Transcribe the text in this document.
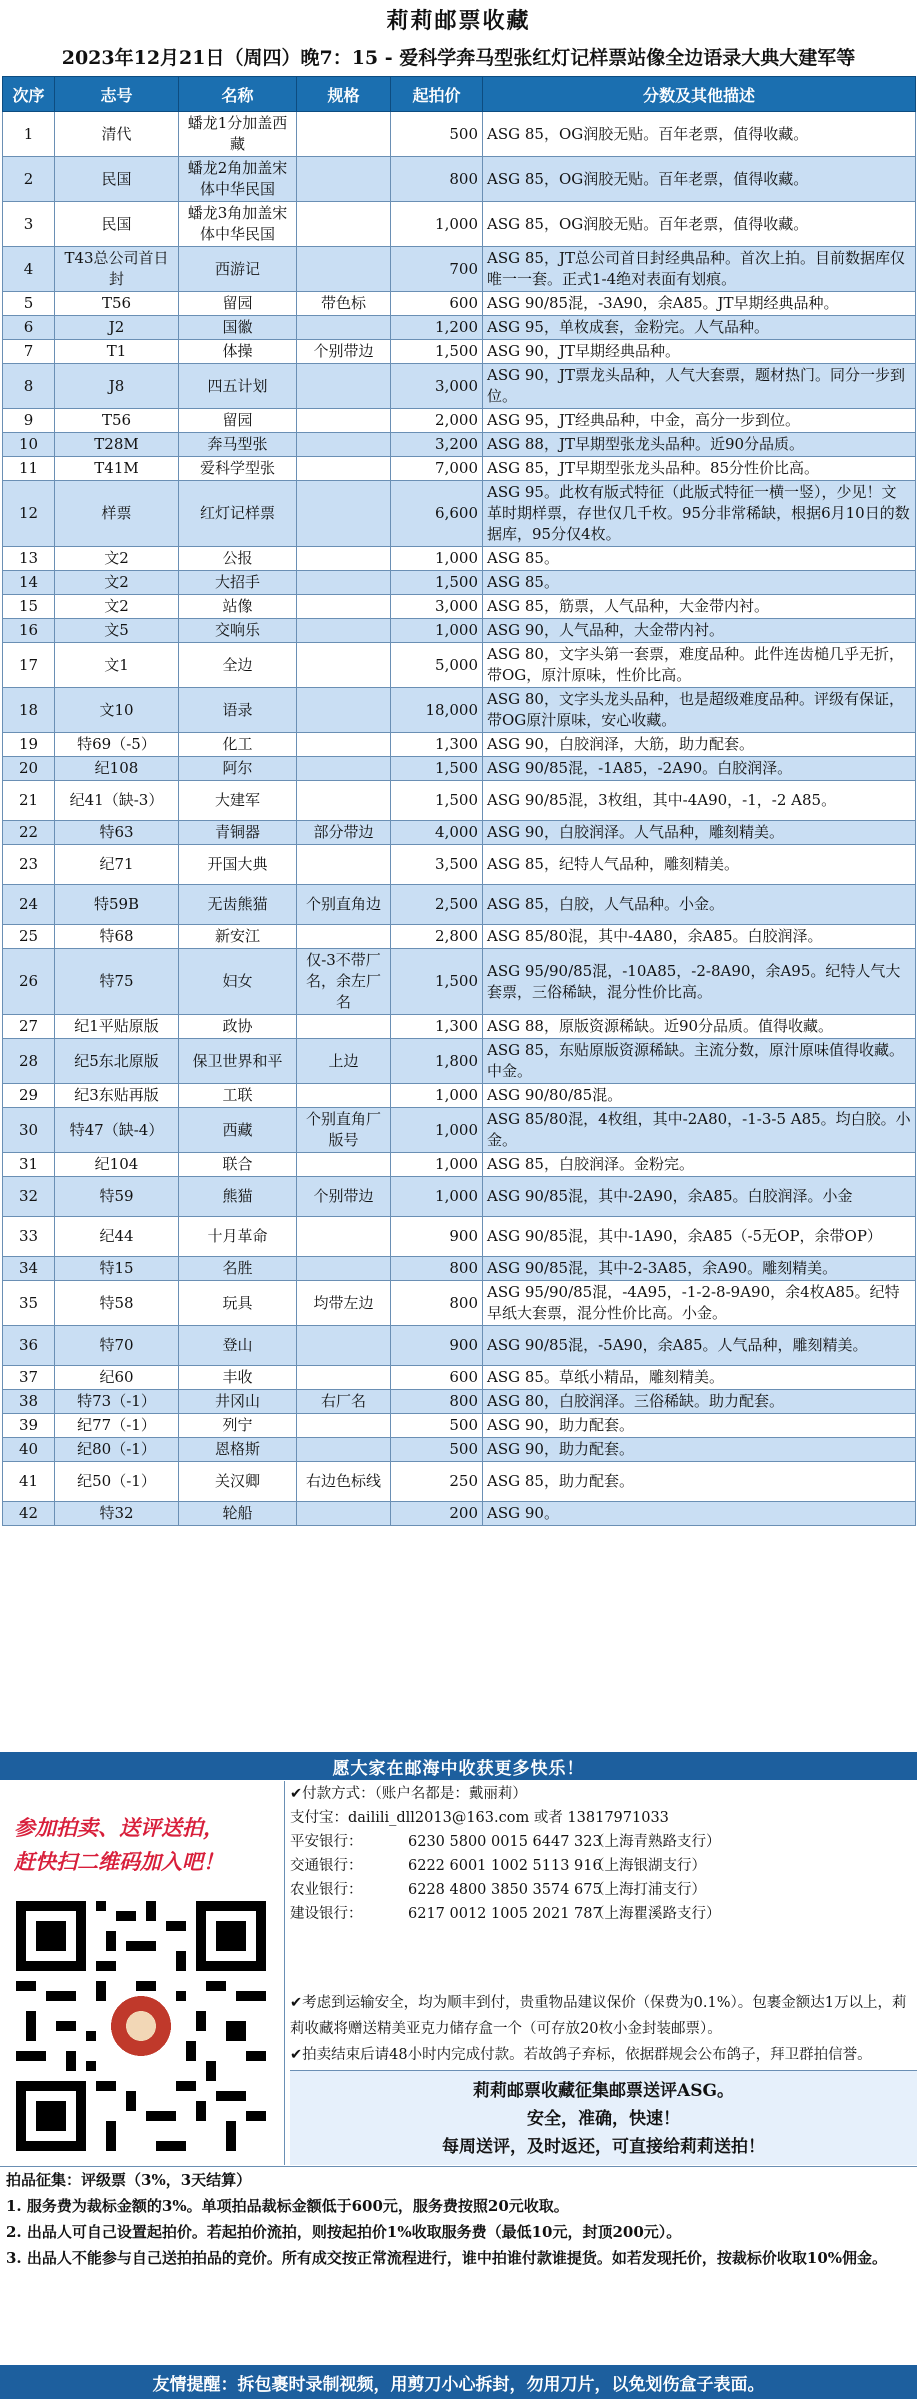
莉莉邮票收藏
2023年12月21日（周四）晚7：15 - 爱科学奔马型张红灯记样票站像全边语录大典大建军等
次序	志号	名称	规格	起拍价	分数及其他描述
1	清代	蟠龙1分加盖西藏		500	ASG 85，OG润胶无贴。百年老票，值得收藏。
2	民国	蟠龙2角加盖宋体中华民国		800	ASG 85，OG润胶无贴。百年老票，值得收藏。
3	民国	蟠龙3角加盖宋体中华民国		1,000	ASG 85，OG润胶无贴。百年老票，值得收藏。
4	T43总公司首日封	西游记		700	ASG 85，JT总公司首日封经典品种。首次上拍。目前数据库仅唯一一套。正式1-4绝对表面有划痕。
5	T56	留园	带色标	600	ASG 90/85混，-3A90，余A85。JT早期经典品种。
6	J2	国徽		1,200	ASG 95，单枚成套，金粉完。人气品种。
7	T1	体操	个别带边	1,500	ASG 90，JT早期经典品种。
8	J8	四五计划		3,000	ASG 90，JT票龙头品种，人气大套票，题材热门。同分一步到位。
9	T56	留园		2,000	ASG 95，JT经典品种，中金，高分一步到位。
10	T28M	奔马型张		3,200	ASG 88，JT早期型张龙头品种。近90分品质。
11	T41M	爱科学型张		7,000	ASG 85，JT早期型张龙头品种。85分性价比高。
12	样票	红灯记样票		6,600	ASG 95。此枚有版式特征（此版式特征一横一竖），少见！文革时期样票，存世仅几千枚。95分非常稀缺，根据6月10日的数据库，95分仅4枚。
13	文2	公报		1,000	ASG 85。
14	文2	大招手		1,500	ASG 85。
15	文2	站像		3,000	ASG 85，筋票，人气品种，大金带内衬。
16	文5	交响乐		1,000	ASG 90，人气品种，大金带内衬。
17	文1	全边		5,000	ASG 80，文字头第一套票，难度品种。此件连齿槌几乎无折，带OG，原汁原味，性价比高。
18	文10	语录		18,000	ASG 80，文字头龙头品种，也是超级难度品种。评级有保证，带OG原汁原味，安心收藏。
19	特69（-5）	化工		1,300	ASG 90，白胶润泽，大筋，助力配套。
20	纪108	阿尔		1,500	ASG 90/85混，-1A85，-2A90。白胶润泽。
21	纪41（缺-3）	大建军		1,500	ASG 90/85混，3枚组，其中-4A90，-1，-2 A85。
22	特63	青铜器	部分带边	4,000	ASG 90，白胶润泽。人气品种，雕刻精美。
23	纪71	开国大典		3,500	ASG 85，纪特人气品种，雕刻精美。
24	特59B	无齿熊猫	个别直角边	2,500	ASG 85，白胶，人气品种。小金。
25	特68	新安江		2,800	ASG 85/80混，其中-4A80，余A85。白胶润泽。
26	特75	妇女	仅-3不带厂名，余左厂名	1,500	ASG 95/90/85混，-10A85，-2-8A90，余A95。纪特人气大套票，三俗稀缺，混分性价比高。
27	纪1平贴原版	政协		1,300	ASG 88，原版资源稀缺。近90分品质。值得收藏。
28	纪5东北原版	保卫世界和平	上边	1,800	ASG 85，东贴原版资源稀缺。主流分数，原汁原味值得收藏。中金。
29	纪3东贴再版	工联		1,000	ASG 90/80/85混。
30	特47（缺-4）	西藏	个别直角厂版号	1,000	ASG 85/80混，4枚组，其中-2A80，-1-3-5 A85。均白胶。小金。
31	纪104	联合		1,000	ASG 85，白胶润泽。金粉完。
32	特59	熊猫	个别带边	1,000	ASG 90/85混，其中-2A90，余A85。白胶润泽。小金
33	纪44	十月革命		900	ASG 90/85混，其中-1A90，余A85（-5无OP，余带OP）
34	特15	名胜		800	ASG 90/85混，其中-2-3A85，余A90。雕刻精美。
35	特58	玩具	均带左边	800	ASG 95/90/85混，-4A95，-1-2-8-9A90，余4枚A85。纪特早纸大套票，混分性价比高。小金。
36	特70	登山		900	ASG 90/85混，-5A90，余A85。人气品种，雕刻精美。
37	纪60	丰收		600	ASG 85。草纸小精品，雕刻精美。
38	特73（-1）	井冈山	右厂名	800	ASG 80，白胶润泽。三俗稀缺。助力配套。
39	纪77（-1）	列宁		500	ASG 90，助力配套。
40	纪80（-1）	恩格斯		500	ASG 90，助力配套。
41	纪50（-1）	关汉卿	右边色标线	250	ASG 85，助力配套。
42	特32	轮船		200	ASG 90。
愿大家在邮海中收获更多快乐！
参加拍卖、送评送拍，
赶快扫二维码加入吧！
✔付款方式：（账户名都是：戴丽莉）
支付宝： dailili_dll2013@163.com 或者 13817971033
平安银行：	6230 5800 0015 6447 323
（上海青熟路支行）
交通银行：	6222 6001 1002 5113 916
（上海银湖支行）
农业银行：	6228 4800 3850 3574 675
（上海打浦支行）
建设银行：	6217 0012 1005 2021 787
（上海瞿溪路支行）
✔考虑到运输安全，均为顺丰到付，贵重物品建议保价（保费为0.1%）。包裹金额达1万以上，莉莉收藏将赠送精美亚克力储存盒一个（可存放20枚小金封装邮票）。
✔拍卖结束后请48小时内完成付款。若故鸽子弃标，依据群规会公布鸽子，拜卫群拍信誉。
莉莉邮票收藏征集邮票送评ASG。
安全，准确，快速！
每周送评，及时返还，可直接给莉莉送拍！
拍品征集：评级票（3%，3天结算）
1. 服务费为裁标金额的3%。单项拍品裁标金额低于600元，服务费按照20元收取。
2. 出品人可自己设置起拍价。若起拍价流拍，则按起拍价1%收取服务费（最低10元，封顶200元）。
3. 出品人不能参与自己送拍拍品的竞价。所有成交按正常流程进行，谁中拍谁付款谁提货。如若发现托价，按裁标价收取10%佣金。
友情提醒：拆包裹时录制视频，用剪刀小心拆封，勿用刀片，以免划伤盒子表面。
